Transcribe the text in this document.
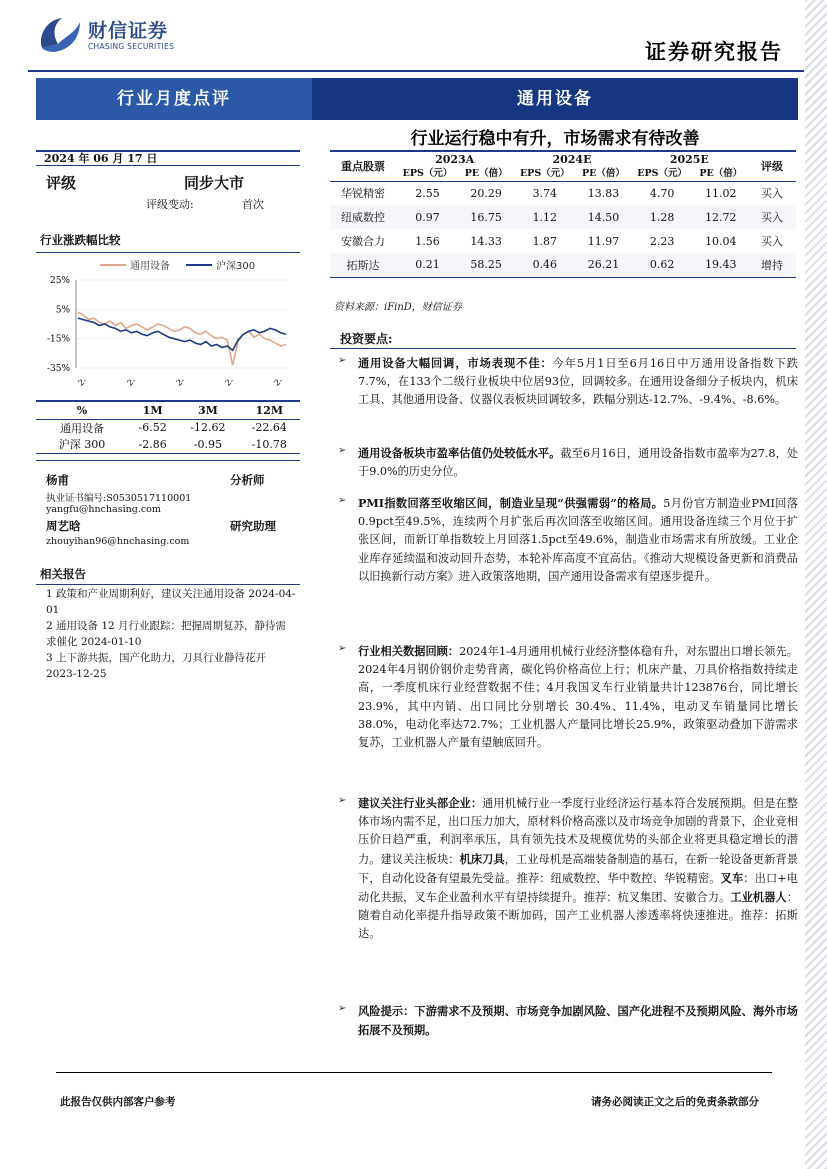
财信证券
CHASING SECURITIES	证券研究报告
行业月度点评	通用设备
行业运行稳中有升，市场需求有待改善
2024 年 06 月 17 日
评级	同步大市
评级变动:	首次
行业涨跌幅比较
通用设备	沪深300
25%
5%
-15%
-35%
2-	2-	2-	2-	2-
%	1M	3M	12M
通用设备	-6.52	-12.62	-22.64
沪深 300	-2.86	-0.95	-10.78
杨甫	分析师
执业证书编号:S0530517110001
yangfu@hnchasing.com
周艺晗	研究助理
zhouyihan96@hnchasing.com
相关报告
1 政策和产业周期利好，建议关注通用设备 2024-04-01
2 通用设备 12 月行业跟踪：把握周期复苏，静待需求催化 2024-01-10
3 上下游共振，国产化助力，刀具行业静待花开 2023-12-25
重点股票	2023A		2024E		2025E		评级
	EPS（元）	PE（倍）	EPS（元）	PE（倍）	EPS（元）	PE（倍）	
华锐精密	2.55	20.29	3.74	13.83	4.70	11.02	买入
纽威数控	0.97	16.75	1.12	14.50	1.28	12.72	买入
安徽合力	1.56	14.33	1.87	11.97	2.23	10.04	买入
拓斯达	0.21	58.25	0.46	26.21	0.62	19.43	增持
资料来源：iFinD，财信证券
投资要点:
➢ 通用设备大幅回调，市场表现不佳：今年5月1日至6月16日中万通用设备指数下跌7.7%，在133个二级行业板块中位居93位，回调较多。在通用设备细分子板块内，机床工具、其他通用设备、仪器仪表板块回调较多，跌幅分别达-12.7%、-9.4%、-8.6%。
➢ 通用设备板块市盈率估值仍处较低水平。截至6月16日，通用设备指数市盈率为27.8，处于9.0%的历史分位。
➢ PMI指数回落至收缩区间，制造业呈现“供强需弱”的格局。5月份官方制造业PMI回落0.9pct至49.5%，连续两个月扩张后再次回落至收缩区间。通用设备连续三个月位于扩张区间，而新订单指数较上月回落1.5pct至49.6%，制造业市场需求有所放缓。工业企业库存延续温和波动回升态势，本轮补库高度不宜高估。《推动大规模设备更新和消费品以旧换新行动方案》进入政策落地期，国产通用设备需求有望逐步提升。
➢ 行业相关数据回顾：2024年1-4月通用机械行业经济整体稳有升，对东盟出口增长领先。2024年4月钢价钢价走势背离，碳化钨价格高位上行；机床产量、刀具价格指数持续走高，一季度机床行业经营数据不佳；4月我国叉车行业销量共计123876台，同比增长23.9%，其中内销、出口同比分别增长 30.4%、11.4%，电动叉车销量同比增长38.0%，电动化率达72.7%；工业机器人产量同比增长25.9%，政策驱动叠加下游需求复苏，工业机器人产量有望触底回升。
➢ 建议关注行业头部企业：通用机械行业一季度行业经济运行基本符合发展预期。但是在整体市场内需不足，出口压力加大，原材料价格高涨以及市场竞争加剧的背景下，企业竞相压价日趋严重，利润率承压，具有领先技术及规模优势的头部企业将更具稳定增长的潜力。建议关注板块：机床刀具，工业母机是高端装备制造的基石，在新一轮设备更新背景下，自动化设备有望最先受益。推荐：纽威数控、华中数控、华锐精密。叉车：出口+电动化共振，叉车企业盈利水平有望持续提升。推荐：杭叉集团、安徽合力。工业机器人：随着自动化率提升指导政策不断加码，国产工业机器人渗透率将快速推进。推荐：拓斯达。
➢ 风险提示：下游需求不及预期、市场竞争加剧风险、国产化进程不及预期风险、海外市场拓展不及预期。
此报告仅供内部客户参考	请务必阅读正文之后的免责条款部分
